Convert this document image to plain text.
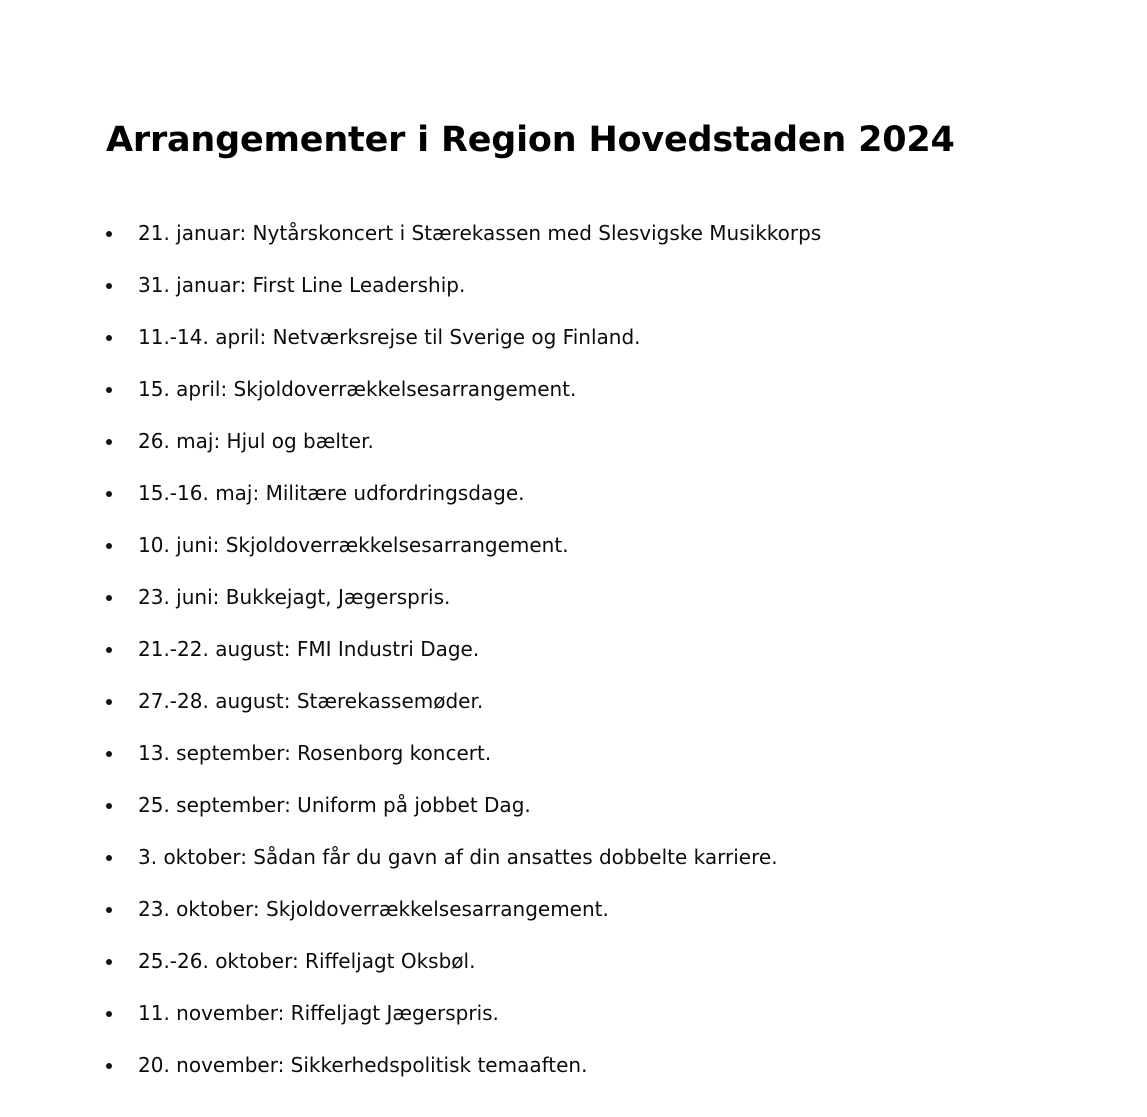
Arrangementer i Region Hovedstaden 2024
21. januar: Nytårskoncert i Stærekassen med Slesvigske Musikkorps
31. januar: First Line Leadership.
11.-14. april: Netværksrejse til Sverige og Finland.
15. april: Skjoldoverrækkelsesarrangement.
26. maj: Hjul og bælter.
15.-16. maj: Militære udfordringsdage.
10. juni: Skjoldoverrækkelsesarrangement.
23. juni: Bukkejagt, Jægerspris.
21.-22. august: FMI Industri Dage.
27.-28. august: Stærekassemøder.
13. september: Rosenborg koncert.
25. september: Uniform på jobbet Dag.
3. oktober: Sådan får du gavn af din ansattes dobbelte karriere.
23. oktober: Skjoldoverrækkelsesarrangement.
25.-26. oktober: Riffeljagt Oksbøl.
11. november: Riffeljagt Jægerspris.
20. november: Sikkerhedspolitisk temaaften.
